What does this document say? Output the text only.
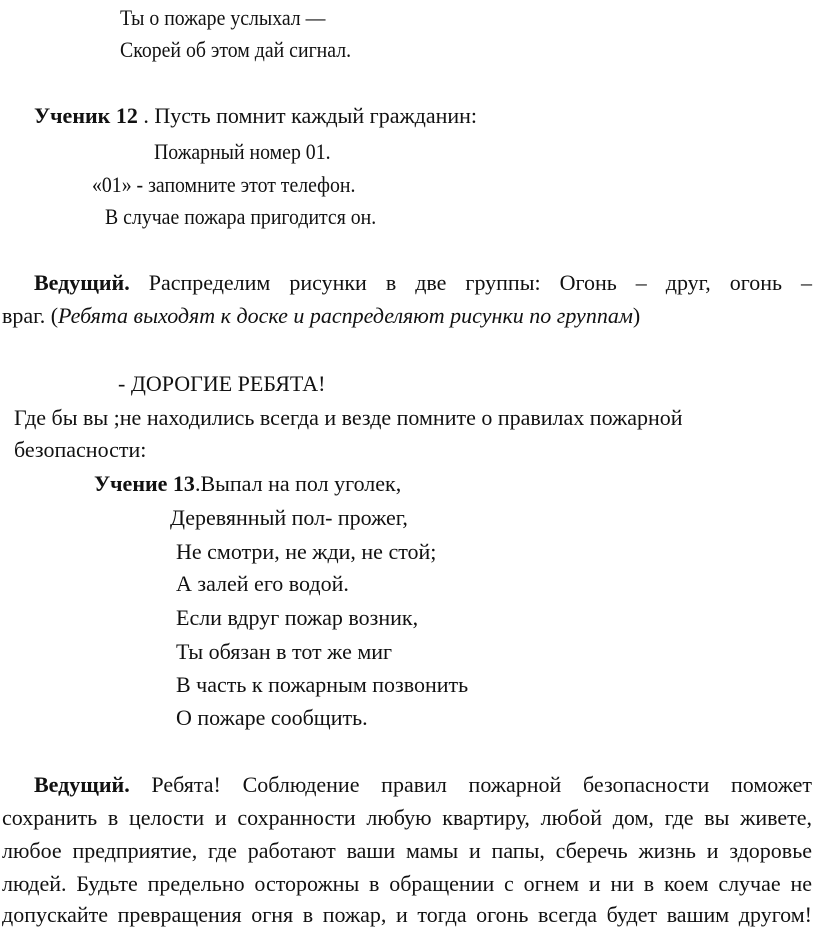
Ты о пожаре услыхал —
Скорей об этом дай сигнал.
Ученик 12 . Пусть помнит каждый гражданин:
Пожарный номер 01.
«01» - запомните этот телефон.
В случае пожара пригодится он.
Ведущий. Распределим рисунки в две группы: Огонь – друг, огонь –
враг. (Ребята выходят к доске и распределяют рисунки по группам)
- ДОРОГИЕ РЕБЯТА!
Где бы вы ;не находились всегда и везде помните о правилах пожарной
безопасности:
Учение 13.Выпал на пол уголек,
Деревянный пол- прожег,
Не смотри, не жди, не стой;
А залей его водой.
Если вдруг пожар возник,
Ты обязан в тот же миг
В часть к пожарным позвонить
О пожаре сообщить.
Ведущий. Ребята! Соблюдение правил пожарной безопасности поможет
сохранить в целости и сохранности любую квартиру, любой дом, где вы живете,
любое предприятие, где работают ваши мамы и папы, сберечь жизнь и здоровье
людей. Будьте предельно осторожны в обращении с огнем и ни в коем случае не
допускайте превращения огня в пожар, и тогда огонь всегда будет вашим другом!
